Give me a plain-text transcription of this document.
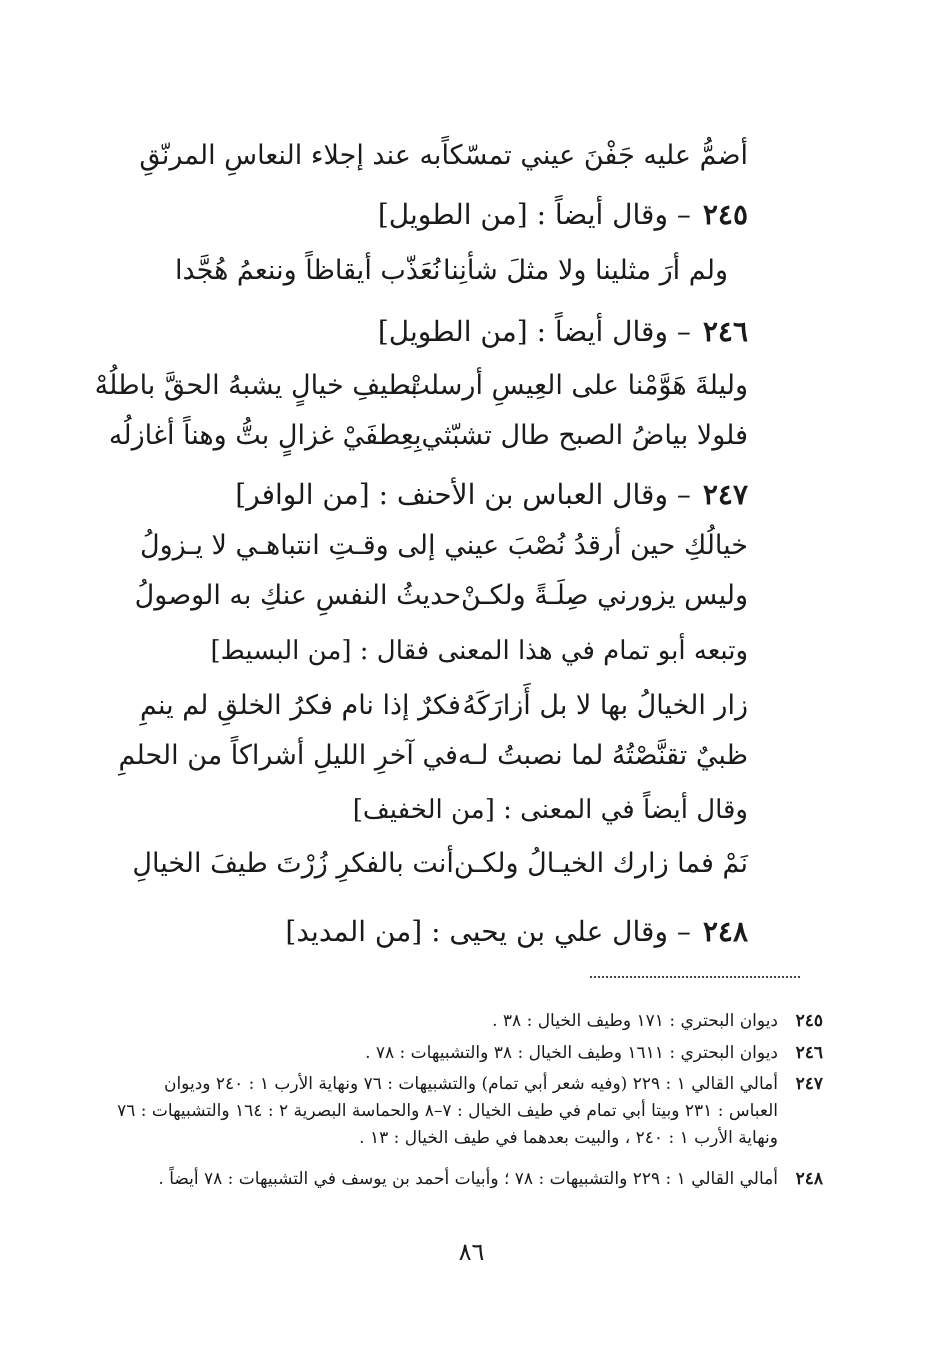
أضمُّ عليه جَفْنَ عيني تمسّكاً
به عند إجلاء النعاسِ المرنّقِ
٢٤٥– وقال أيضاً : [من الطويل]
ولم أرَ مثلينا ولا مثلَ شأنِنا
نُعَذّب أيقاظاً وننعمُ هُجَّدا
٢٤٦– وقال أيضاً : [من الطويل]
وليلةَ هَوَّمْنا على العِيسِ أرسلتْ
بطيفِ خيالٍ يشبهُ الحقَّ باطلُهْ
فلولا بياضُ الصبح طال تشبّثي
بِعِطفَيْ غزالٍ بتُّ وهناً أغازلُه
٢٤٧– وقال العباس بن الأحنف : [من الوافر]
خيالُكِ حين أرقدُ نُصْبَ عيني
إلى وقـتِ انتباهـي لا يـزولُ
وليس يزورني صِلَـةً ولكـنْ
حديثُ النفسِ عنكِ به الوصولُ
وتبعه أبو تمام في هذا المعنى فقال : [من البسيط]
زار الخيالُ بها لا بل أَزارَكَهُ
فكرٌ إذا نام فكرُ الخلقِ لم ينمِ
ظبيٌ تقنَّصْتُهُ لما نصبتُ لـه
في آخرِ الليلِ أشراكاً من الحلمِ
وقال أيضاً في المعنى : [من الخفيف]
نَمْ فما زارك الخيـالُ ولكـن
أنت بالفكرِ زُرْتَ طيفَ الخيالِ
٢٤٨– وقال علي بن يحيى : [من المديد]
٢٤٥
ديوان البحتري : ١٧١ وطيف الخيال : ٣٨ .
٢٤٦
ديوان البحتري : ١٦١١ وطيف الخيال : ٣٨ والتشبيهات : ٧٨ .
٢٤٧
أمالي القالي ١ : ٢٢٩ (وفيه شعر أبي تمام) والتشبيهات : ٧٦ ونهاية الأرب ١ : ٢٤٠ وديوان العباس : ٢٣١ وبيتا أبي تمام في طيف الخيال : ٧–٨ والحماسة البصرية ٢ : ١٦٤ والتشبيهات : ٧٦ ونهاية الأرب ١ : ٢٤٠ ، والبيت بعدهما في طيف الخيال : ١٣ .
٢٤٨
أمالي القالي ١ : ٢٢٩ والتشبيهات : ٧٨ ؛ وأبيات أحمد بن يوسف في التشبيهات : ٧٨ أيضاً .
٨٦
